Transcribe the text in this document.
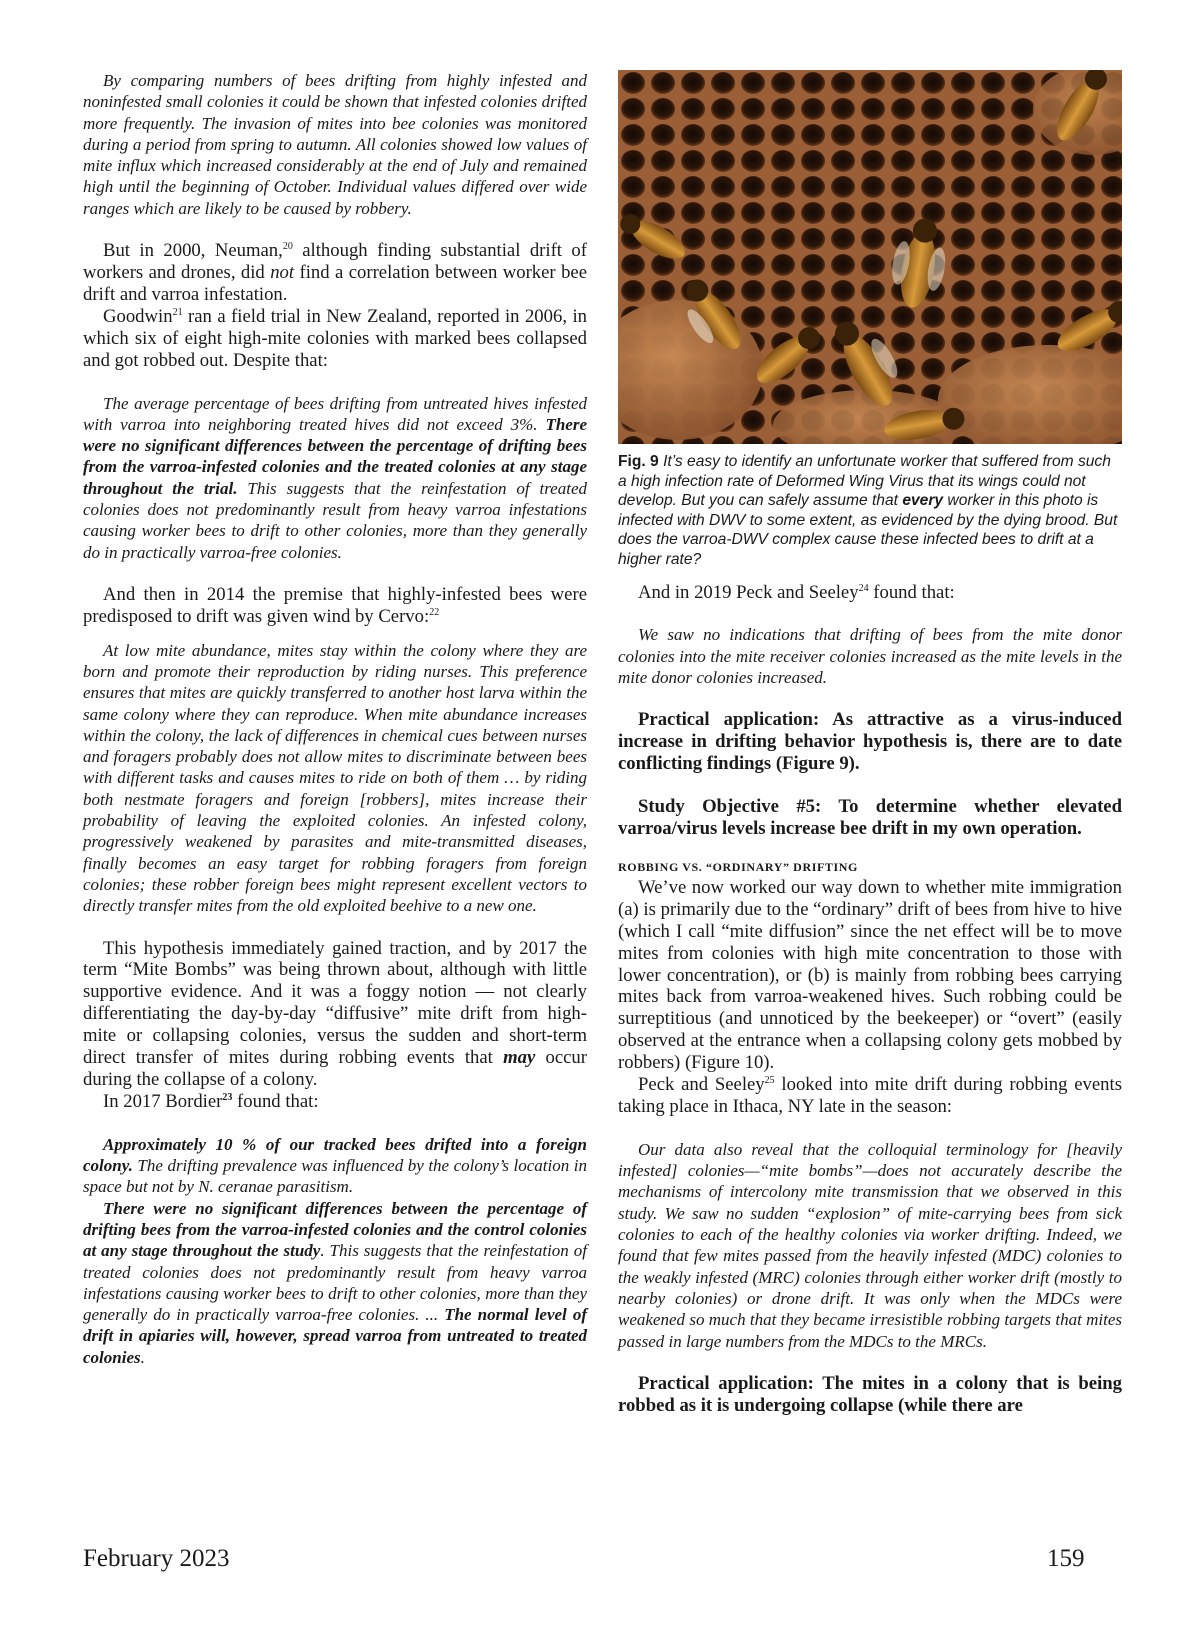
By comparing numbers of bees drifting from highly infested and noninfested small colonies it could be shown that infested colonies drifted more frequently. The invasion of mites into bee colonies was monitored during a period from spring to autumn. All colonies showed low values of mite influx which increased considerably at the end of July and remained high until the beginning of October. Individual values differed over wide ranges which are likely to be caused by robbery.

But in 2000, Neuman,$^{20}$ although finding substantial drift of workers and drones, did not find a correlation between worker bee drift and varroa infestation.

Goodwin$^{21}$ ran a field trial in New Zealand, reported in 2006, in which six of eight high-mite colonies with marked bees collapsed and got robbed out. Despite that:

The average percentage of bees drifting from untreated hives infested with varroa into neighboring treated hives did not exceed 3%. There were no significant differences between the percentage of drifting bees from the varroa-infested colonies and the treated colonies at any stage throughout the trial. This suggests that the reinfestation of treated colonies does not predominantly result from heavy varroa infestations causing worker bees to drift to other colonies, more than they generally do in practically varroa-free colonies.

And then in 2014 the premise that highly-infested bees were predisposed to drift was given wind by Cervo:$^{22}$

At low mite abundance, mites stay within the colony where they are born and promote their reproduction by riding nurses. This preference ensures that mites are quickly transferred to another host larva within the same colony where they can reproduce. When mite abundance increases within the colony, the lack of differences in chemical cues between nurses and foragers probably does not allow mites to discriminate between bees with different tasks and causes mites to ride on both of them … by riding both nestmate foragers and foreign [robbers], mites increase their probability of leaving the exploited colonies. An infested colony, progressively weakened by parasites and mite-transmitted diseases, finally becomes an easy target for robbing foragers from foreign colonies; these robber foreign bees might represent excellent vectors to directly transfer mites from the old exploited beehive to a new one.

This hypothesis immediately gained traction, and by 2017 the term “Mite Bombs” was being thrown about, although with little supportive evidence. And it was a foggy notion — not clearly differentiating the day-by-day “diffusive” mite drift from high-mite or collapsing colonies, versus the sudden and short-term direct transfer of mites during robbing events that may occur during the collapse of a colony.

In 2017 Bordier$^{23}$ found that:

Approximately 10 % of our tracked bees drifted into a foreign colony. The drifting prevalence was influenced by the colony’s location in space but not by N. ceranae parasitism.

There were no significant differences between the percentage of drifting bees from the varroa-infested colonies and the control colonies at any stage throughout the study. This suggests that the reinfestation of treated colonies does not predominantly result from heavy varroa infestations causing worker bees to drift to other colonies, more than they generally do in practically varroa-free colonies. ... The normal level of drift in apiaries will, however, spread varroa from untreated to treated colonies.

Fig. 9 It’s easy to identify an unfortunate worker that suffered from such a high infection rate of Deformed Wing Virus that its wings could not develop. But you can safely assume that every worker in this photo is infected with DWV to some extent, as evidenced by the dying brood. But does the varroa-DWV complex cause these infected bees to drift at a higher rate?

And in 2019 Peck and Seeley$^{24}$ found that:

We saw no indications that drifting of bees from the mite donor colonies into the mite receiver colonies increased as the mite levels in the mite donor colonies increased.

Practical application: As attractive as a virus-induced increase in drifting behavior hypothesis is, there are to date conflicting findings (Figure 9).

Study Objective #5: To determine whether elevated varroa/virus levels increase bee drift in my own operation.

ROBBING VS. “ORDINARY” DRIFTING

We’ve now worked our way down to whether mite immigration (a) is primarily due to the “ordinary” drift of bees from hive to hive (which I call “mite diffusion” since the net effect will be to move mites from colonies with high mite concentration to those with lower concentration), or (b) is mainly from robbing bees carrying mites back from varroa-weakened hives. Such robbing could be surreptitious (and unnoticed by the beekeeper) or “overt” (easily observed at the entrance when a collapsing colony gets mobbed by robbers) (Figure 10).

Peck and Seeley$^{25}$ looked into mite drift during robbing events taking place in Ithaca, NY late in the season:

Our data also reveal that the colloquial terminology for [heavily infested] colonies—“mite bombs”—does not accurately describe the mechanisms of intercolony mite transmission that we observed in this study. We saw no sudden “explosion” of mite-carrying bees from sick colonies to each of the healthy colonies via worker drifting. Indeed, we found that few mites passed from the heavily infested (MDC) colonies to the weakly infested (MRC) colonies through either worker drift (mostly to nearby colonies) or drone drift. It was only when the MDCs were weakened so much that they became irresistible robbing targets that mites passed in large numbers from the MDCs to the MRCs.

Practical application: The mites in a colony that is being robbed as it is undergoing collapse (while there are

February 2023	159
